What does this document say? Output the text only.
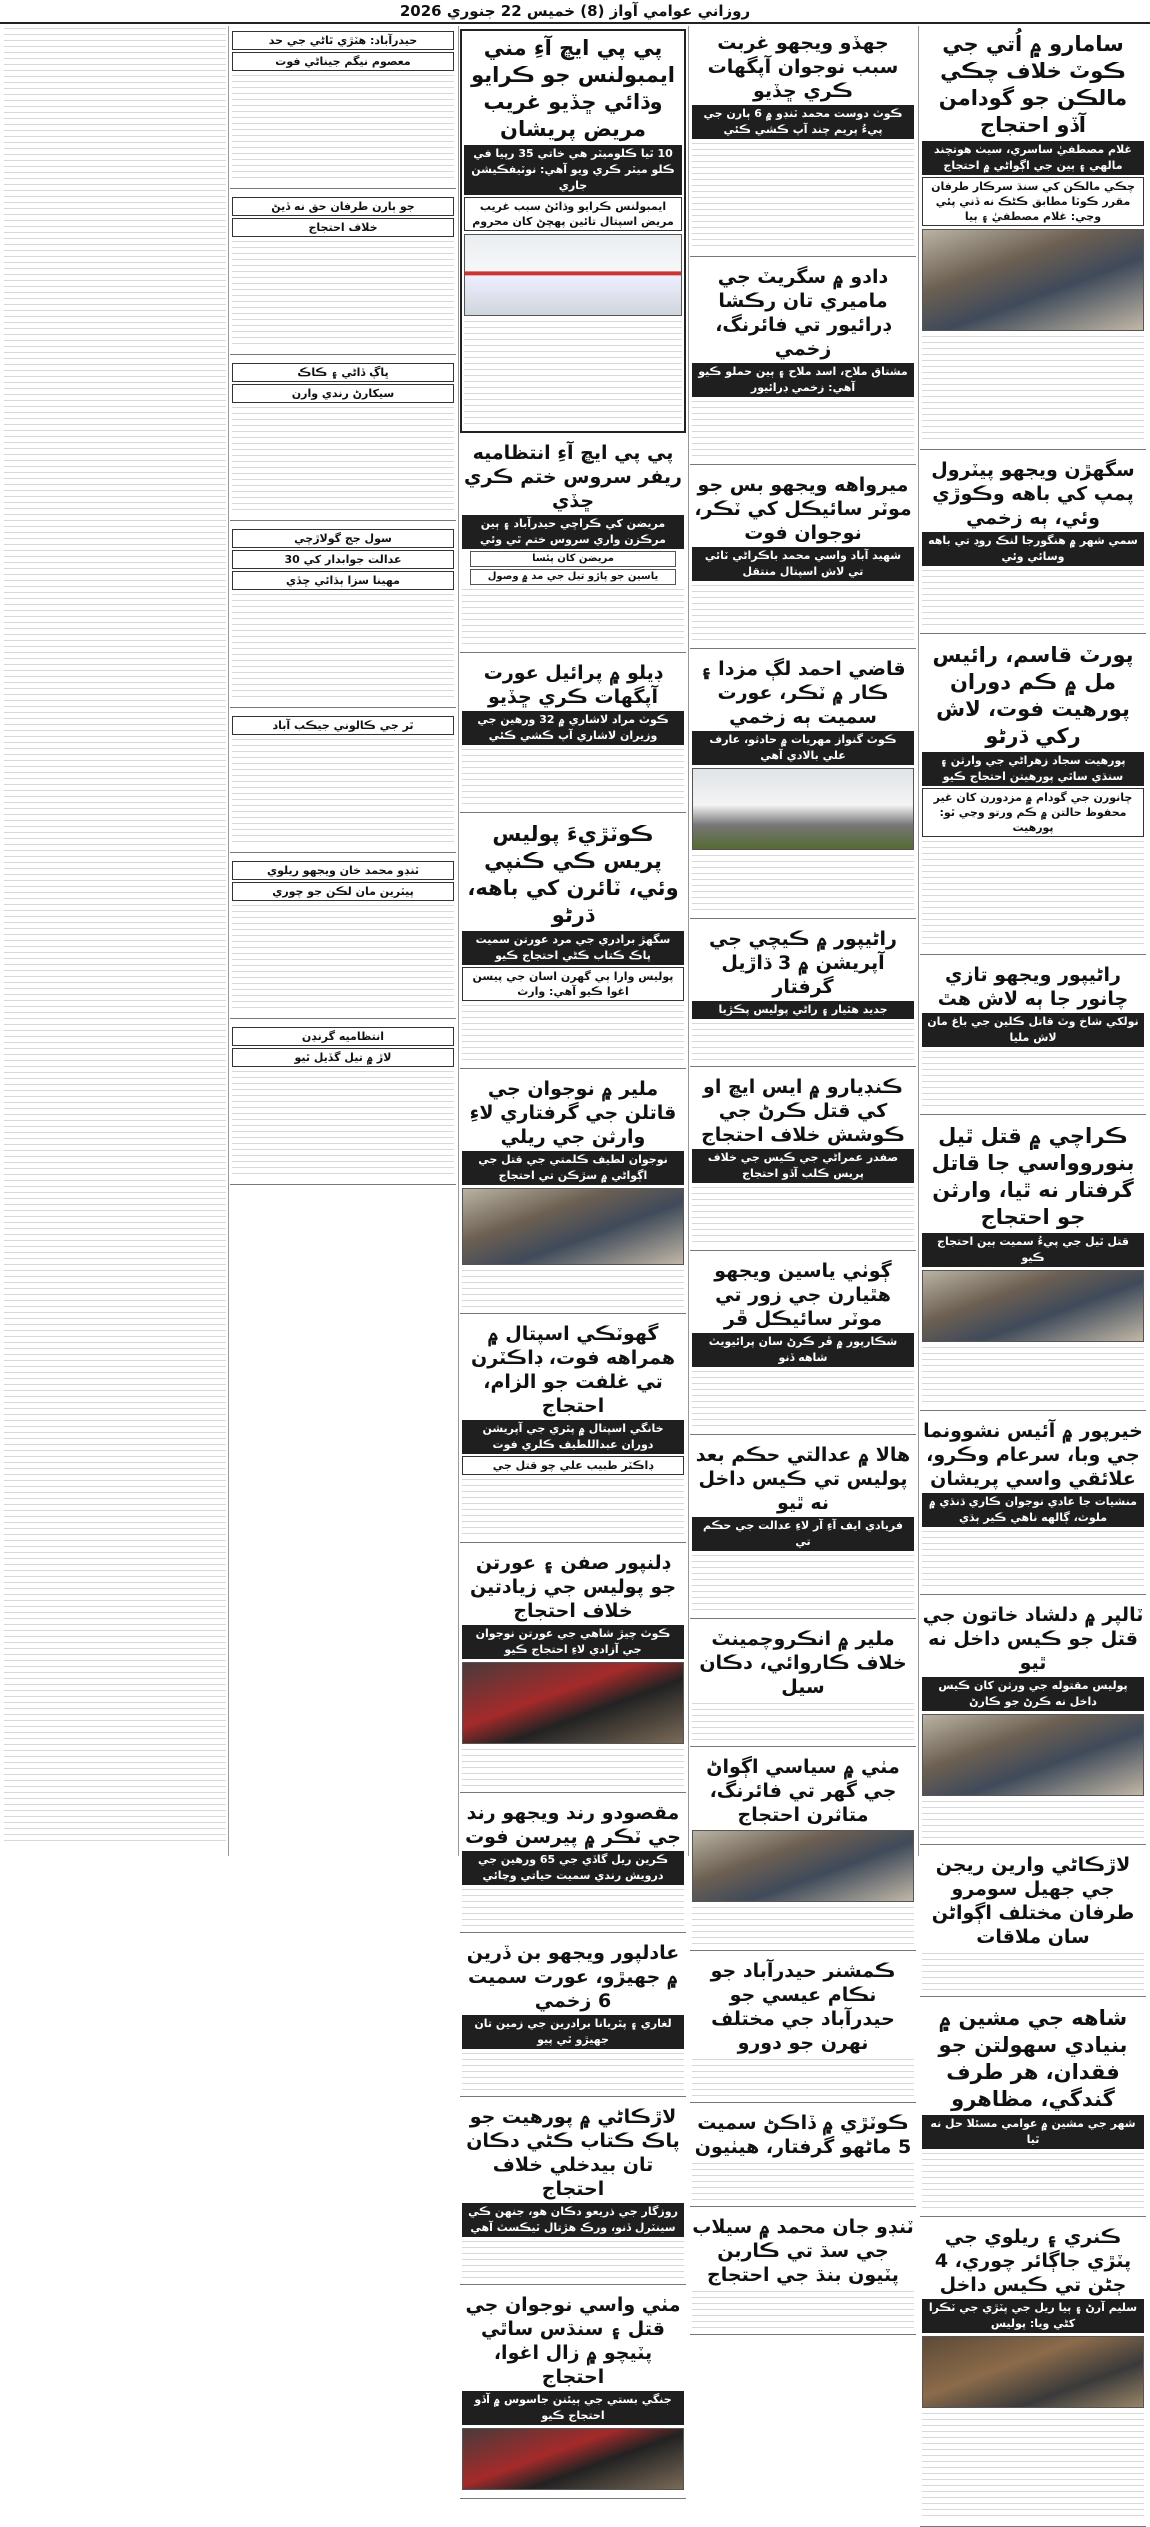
روزاني عوامي آواز (8) خميس 22 جنوري 2026
سامارو ۾ اُتي جي ڪوٽ خلاف چڪي مالڪن جو گودامن آڏو احتجاج
غلام مصطفيٰ ساسري، سيٺ هوتچند مالهي ۽ ٻين جي اڳواڻي ۾ احتجاج
چڪي مالڪن کي سنڌ سرڪار طرفان مقرر ڪوٽا مطابق ڪڻڪ نه ڏني پئي وڃي: غلام مصطفيٰ ۽ ٻيا
سگهڙن ويجهو پيٽرول پمپ کي باهه وڪوڙي وئي، ٻه زخمي
سمي شهر ۾ هنگورجا لنڪ روڊ تي باهه وسائي وئي
پورٽ قاسم، رائيس مل ۾ ڪم دوران پورهيت فوت، لاش رکي ڌرڻو
پورهيت سجاد زهراڻي جي وارثن ۽ سنڌي ساٿي پورهيتن احتجاج ڪيو
چانورن جي گودام ۾ مزدورن کان غير محفوظ حالتن ۾ ڪم ورتو وڃي ٿو: پورهيت
راڻيپور ويجهو تازي چانور جا ٻه لاش هٿ
نولکي شاخ وٽ قاتل ڪلين جي باغ مان لاش مليا
ڪراچي ۾ قتل ٿيل بنوروواسي جا قاتل گرفتار نه ٿيا، وارثن جو احتجاج
قتل ٿيل جي پيءُ سميت ٻين احتجاج ڪيو
خيرپور ۾ آئيس نشوونما جي وبا، سرعام وڪرو، علائقي واسي پريشان
منشيات جا عادي نوجوان ڪاري ڌنڌي ۾ ملوث، ڳالهه ناهي ڪير ٻڌي
ٽالپر ۾ دلشاد خاتون جي قتل جو ڪيس داخل نه ٿيو
پوليس مقتوله جي ورثن کان ڪيس داخل نه ڪرڻ جو ڪارڻ
لاڙڪاڻي وارين ريجن جي جهيل سومرو طرفان مختلف اڳواڻن سان ملاقات
شاهه جي مشين ۾ بنيادي سهولتن جو فقدان، هر طرف گندگي، مظاهرو
شهر جي مشين ۾ عوامي مسئلا حل نه ٿيا
ڪنري ۽ ريلوي جي پٽڙي جاڳائر چوري، 4 ڄڻن تي ڪيس داخل
سليم آرڻ ۽ ٻيا ريل جي پٽڙي جي ٽڪرا کڻي ويا: پوليس
جهڏو ويجهو غربت سبب نوجوان آپگهات ڪري ڇڏيو
ڪوٽ دوست محمد ٽنڊو ۾ 6 ٻارن جي پيءُ پريم چند آپ ڪشي ڪئي
دادو ۾ سگريٽ جي ماميري تان رڪشا ڊرائيور تي فائرنگ، زخمي
مشتاق ملاح، اسد ملاح ۽ ٻين حملو ڪيو آهي: زخمي ڊرائيور
ميرواهه ويجهو بس جو موٽر سائيڪل کي ٽڪر، نوجوان فوت
شهيد آباد واسي محمد باڪراڻي ٽائي تي لاش اسپتال منتقل
قاضي احمد لڳ مزدا ۽ ڪار ۾ ٽڪر، عورت سميت ٻه زخمي
ڪوٽ گنواز مهريات ۾ حادثو، عارف علي بالادي آهي
راڻيپور ۾ ڪيچي جي آپريشن ۾ 3 ڌاڙيل گرفتار
جديد هٿيار ۽ راڻي پوليس پڪڙيا
ڪنڊيارو ۾ ايس ايڇ او کي قتل ڪرڻ جي ڪوشش خلاف احتجاج
صفدر عمراڻي جي ڪيس جي خلاف پريس ڪلب آڏو احتجاج
ڳوٺي ياسين ويجهو هٿيارن جي زور تي موٽر سائيڪل ڦر
شڪارپور ۾ ڦر ڪرڻ سان پرائيويٽ شاهه ڏنو
هالا ۾ عدالتي حڪم بعد پوليس تي ڪيس داخل نه ٿيو
فريادي ايف آءِ آر لاءِ عدالت جي حڪم تي
ملير ۾ انڪروچمينٽ خلاف ڪاروائي، دڪان سيل
مٺي ۾ سياسي اڳواڻ جي گهر تي فائرنگ، متاثرن احتجاج
ڪمشنر حيدرآباد جو نڪام عيسي جو حيدرآباد جي مختلف نهرن جو دورو
ڪوٽڙي ۾ ڏاڪڻ سميت 5 ماڻهو گرفتار، هيٺيون
ٽنڊو جان محمد ۾ سيلاب جي سڌ تي ڪاربن پٽيون بنڌ جي احتجاج
پي پي ايڇ آءِ مني ايمبولنس جو ڪرايو وڌائي ڇڏيو غريب مريض پريشان
10 ٿيا ڪلوميٽر هي خاتي 35 رپيا في ڪلو ميٽر ڪري ويو آهي: نوٽيفڪيشن جاري
ايمبولنس ڪرايو وڌائڻ سبب غريب مريض اسپتال تائين پهچڻ کان محروم
پي پي ايڇ آءِ انتظاميه ريفر سروس ختم ڪري ڇڏي
مريضن کي ڪراچي حيدرآباد ۽ ٻين مرڪزن واري سروس ختم ٿي وئي
مريضن کان پئسا
ياسين جو پاڙو تيل جي مد ۾ وصول
ڊيلو ۾ پرائيل عورت آپگهات ڪري ڇڏيو
ڪوٽ مراد لاشاري ۾ 32 ورهين جي وزيران لاشاري آپ ڪشي ڪئي
ڪوٽڙيءَ پوليس پريس ڪي ڪنپي وئي، ٽائرن کي باهه، ڌرڻو
سگهڙ برادري جي مرد عورتن سميت پاڪ ڪتاب ڪڻي احتجاج ڪيو
پوليس وارا ٻي گهرن اسان جي پيسن اغوا ڪيو آهي: وارث
ملير ۾ نوجوان جي قاتلن جي گرفتاري لاءِ وارثن جي ريلي
نوجوان لطيف ڪلمتي جي قتل جي اڳواڻي ۾ سڙڪن تي احتجاج
گهوٽڪي اسپتال ۾ همراهه فوت، ڊاڪٽرن تي غلفت جو الزام، احتجاج
خانگي اسپتال ۾ پٿري جي آپريشن دوران عبداللطيف ڪلري فوت
ڊاڪٽر طبيب علي چو قتل جي
ڊلنپور صفن ۽ عورتن جو پوليس جي زيادتين خلاف احتجاج
ڪوٽ چيڙ شاهي جي عورتن نوجوان جي آزادي لاءِ احتجاج ڪيو
مقصودو رند ويجهو رند جي ٽڪر ۾ پيرسن فوت
ڪرين ريل گاڏي جي 65 ورهين جي درويش رندي سميت حياتي وڃائي
عادلپور ويجهو بن ڏرين ۾ جهيڙو، عورت سميت 6 زخمي
لغاري ۽ پٿريانا برادرين جي زمين تان جهيڙو ٿي پيو
لاڙڪاڻي ۾ پورهيت جو پاڪ ڪتاب ڪڻي دڪان تان بيدخلي خلاف احتجاج
روزگار جي ذريعو دڪان هو، جنهن ڪي سينٽرل ڏنو، ورڪ هڙتال ٽيڪسٽ آهي
مٺي واسي نوجوان جي قتل ۽ سنڌس ساٿي پٽيچو ۾ زال اغوا، احتجاج
جنگي بستي جي ٻيئنن جاسوس ۾ آڏو احتجاج ڪيو
حيدرآباد: هٽڙي ٿاڻي جي حد
معصوم نيگم جيناڻي فوت
جو ٻارن طرفان حق نه ڏيڻ
خلاف احتجاج
ڀاڳ ڏاڻي ۽ ڪاڪ
سيکارڻ رندي وارن
سول جج گولاڙچي
عدالت جوابدار کي 30
مهينا سزا ٻڌائي ڇڏي
ٿر جي ڪالوني جيڪب آباد
ٽنڊو محمد خان ويجهو ريلوي
پيٽرين مان لڪن جو چوري
انتظاميه گرنڊن
لاڙ ۾ تيل گڏيل ٿيو
